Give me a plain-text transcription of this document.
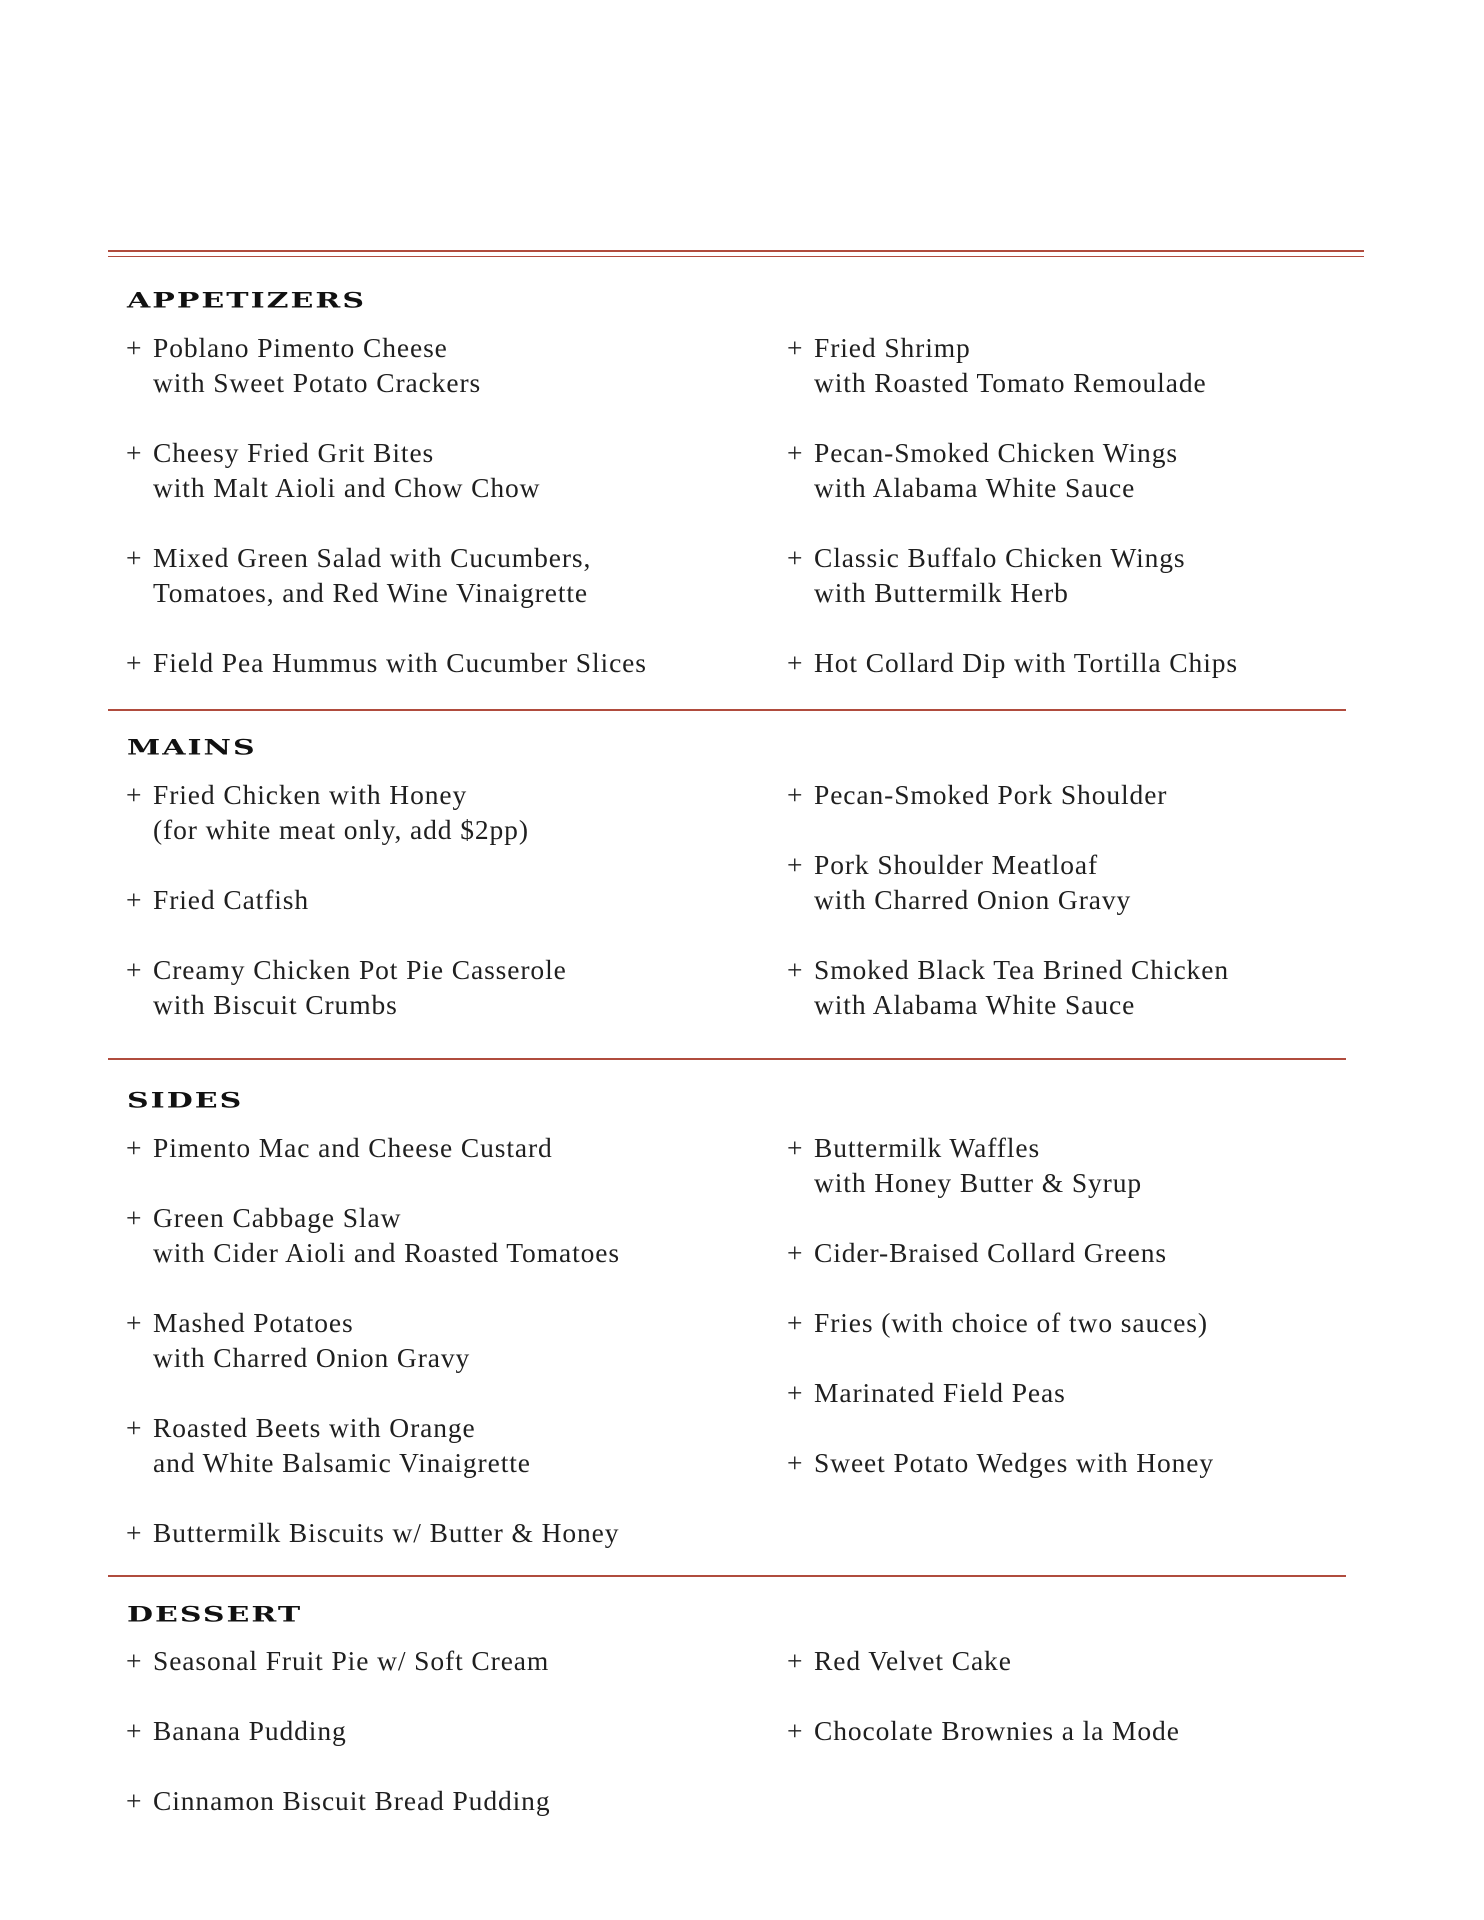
APPETIZERS
+ Poblano Pimento Cheese
with Sweet Potato Crackers
+ Cheesy Fried Grit Bites
with Malt Aioli and Chow Chow
+ Mixed Green Salad with Cucumbers,
Tomatoes, and Red Wine Vinaigrette
+ Field Pea Hummus with Cucumber Slices
+ Fried Shrimp
with Roasted Tomato Remoulade
+ Pecan-Smoked Chicken Wings
with Alabama White Sauce
+ Classic Buffalo Chicken Wings
with Buttermilk Herb
+ Hot Collard Dip with Tortilla Chips
MAINS
+ Fried Chicken with Honey
(for white meat only, add $2pp)
+ Fried Catfish
+ Creamy Chicken Pot Pie Casserole
with Biscuit Crumbs
+ Pecan-Smoked Pork Shoulder
+ Pork Shoulder Meatloaf
with Charred Onion Gravy
+ Smoked Black Tea Brined Chicken
with Alabama White Sauce
SIDES
+ Pimento Mac and Cheese Custard
+ Green Cabbage Slaw
with Cider Aioli and Roasted Tomatoes
+ Mashed Potatoes
with Charred Onion Gravy
+ Roasted Beets with Orange
and White Balsamic Vinaigrette
+ Buttermilk Biscuits w/ Butter & Honey
+ Buttermilk Waffles
with Honey Butter & Syrup
+ Cider-Braised Collard Greens
+ Fries (with choice of two sauces)
+ Marinated Field Peas
+ Sweet Potato Wedges with Honey
DESSERT
+ Seasonal Fruit Pie w/ Soft Cream
+ Banana Pudding
+ Cinnamon Biscuit Bread Pudding
+ Red Velvet Cake
+ Chocolate Brownies a la Mode
